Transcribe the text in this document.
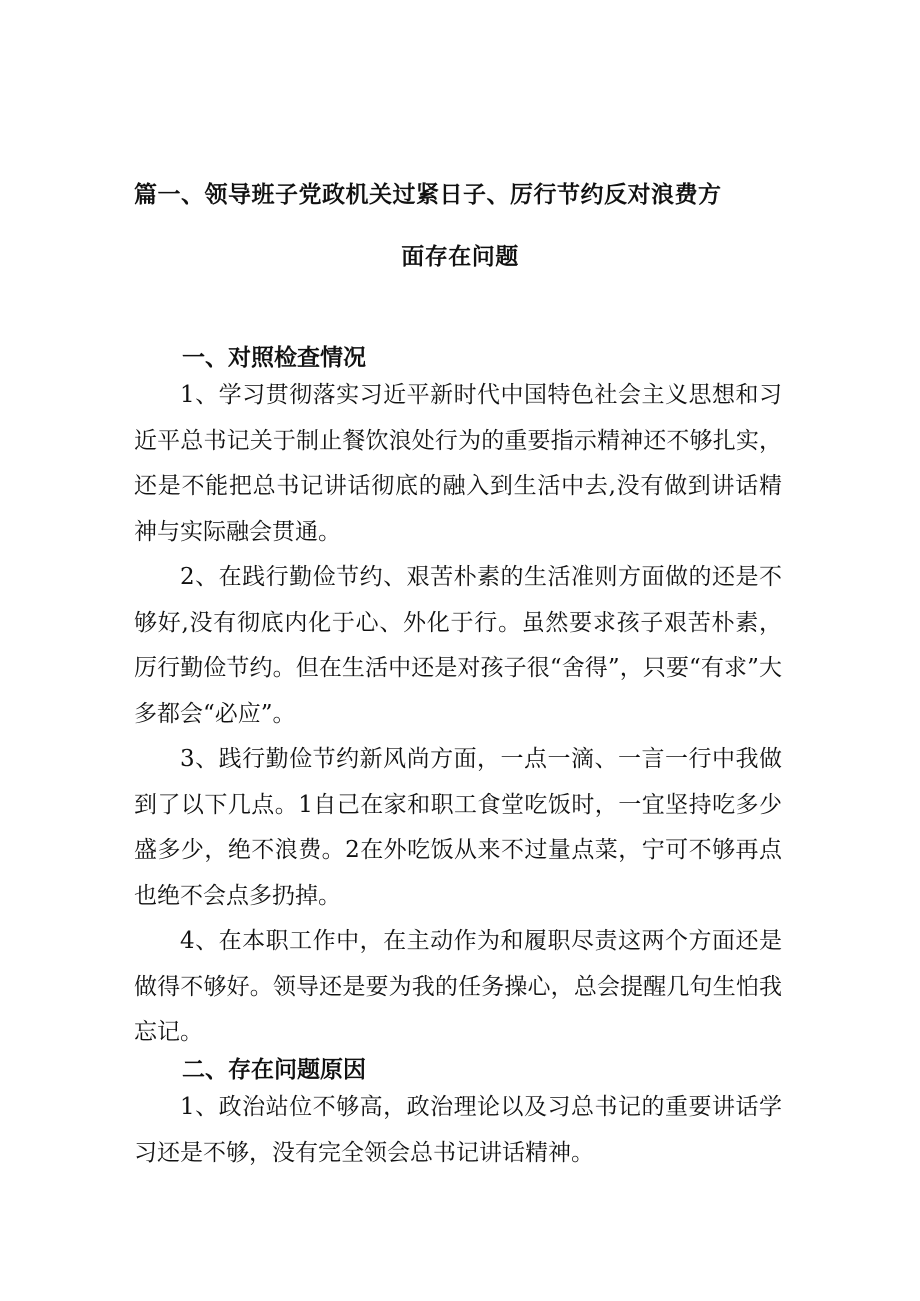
篇一、领导班子党政机关过紧日子、厉行节约反对浪费方
面存在问题
一、对照检查情况
1、学习贯彻落实习近平新时代中国特色社会主义思想和习近平总书记关于制止餐饮浪处行为的重要指示精神还不够扎实，还是不能把总书记讲话彻底的融入到生活中去,没有做到讲话精神与实际融会贯通。
2、在践行勤俭节约、艰苦朴素的生活准则方面做的还是不够好,没有彻底内化于心、外化于行。虽然要求孩子艰苦朴素，厉行勤俭节约。但在生活中还是对孩子很“舍得”，只要“有求”大多都会“必应”。
3、践行勤俭节约新风尚方面，一点一滴、一言一行中我做到了以下几点。1自己在家和职工食堂吃饭时，一宜坚持吃多少盛多少，绝不浪费。2在外吃饭从来不过量点菜，宁可不够再点也绝不会点多扔掉。
4、在本职工作中，在主动作为和履职尽责这两个方面还是做得不够好。领导还是要为我的任务操心，总会提醒几句生怕我忘记。
二、存在问题原因
1、政治站位不够高，政治理论以及习总书记的重要讲话学习还是不够，没有完全领会总书记讲话精神。
